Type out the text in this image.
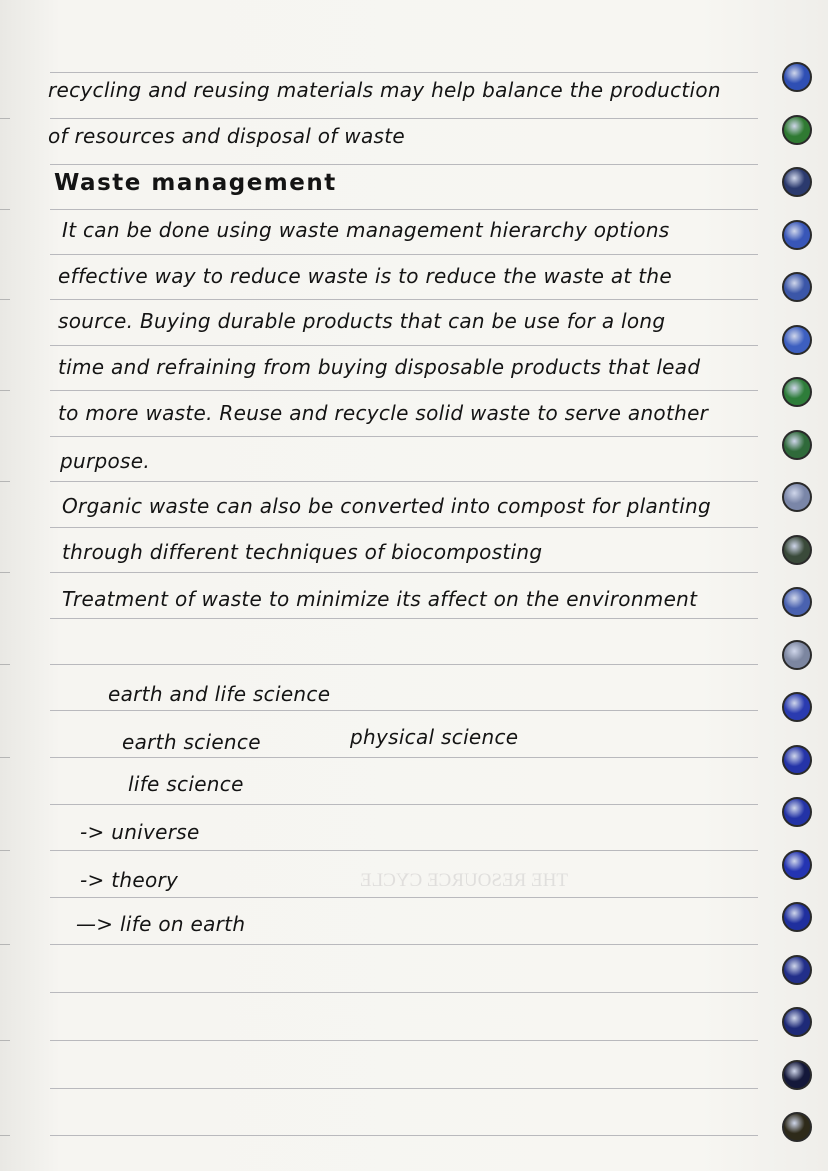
THE RESOURCE CYCLE
recycling and reusing materials may help balance the production
of resources and disposal of waste
Waste management
It can be done using waste management hierarchy options
effective way to reduce waste is to reduce the waste at the
source. Buying durable products that can be use for a long
time and refraining from buying disposable products that lead
to more waste. Reuse and recycle solid waste to serve another
purpose.
Organic waste can also be converted into compost for planting
through different techniques of biocomposting
Treatment of waste to minimize its affect on the environment
earth and life science
earth science	physical science
life science
-> universe
-> theory
—> life on earth
